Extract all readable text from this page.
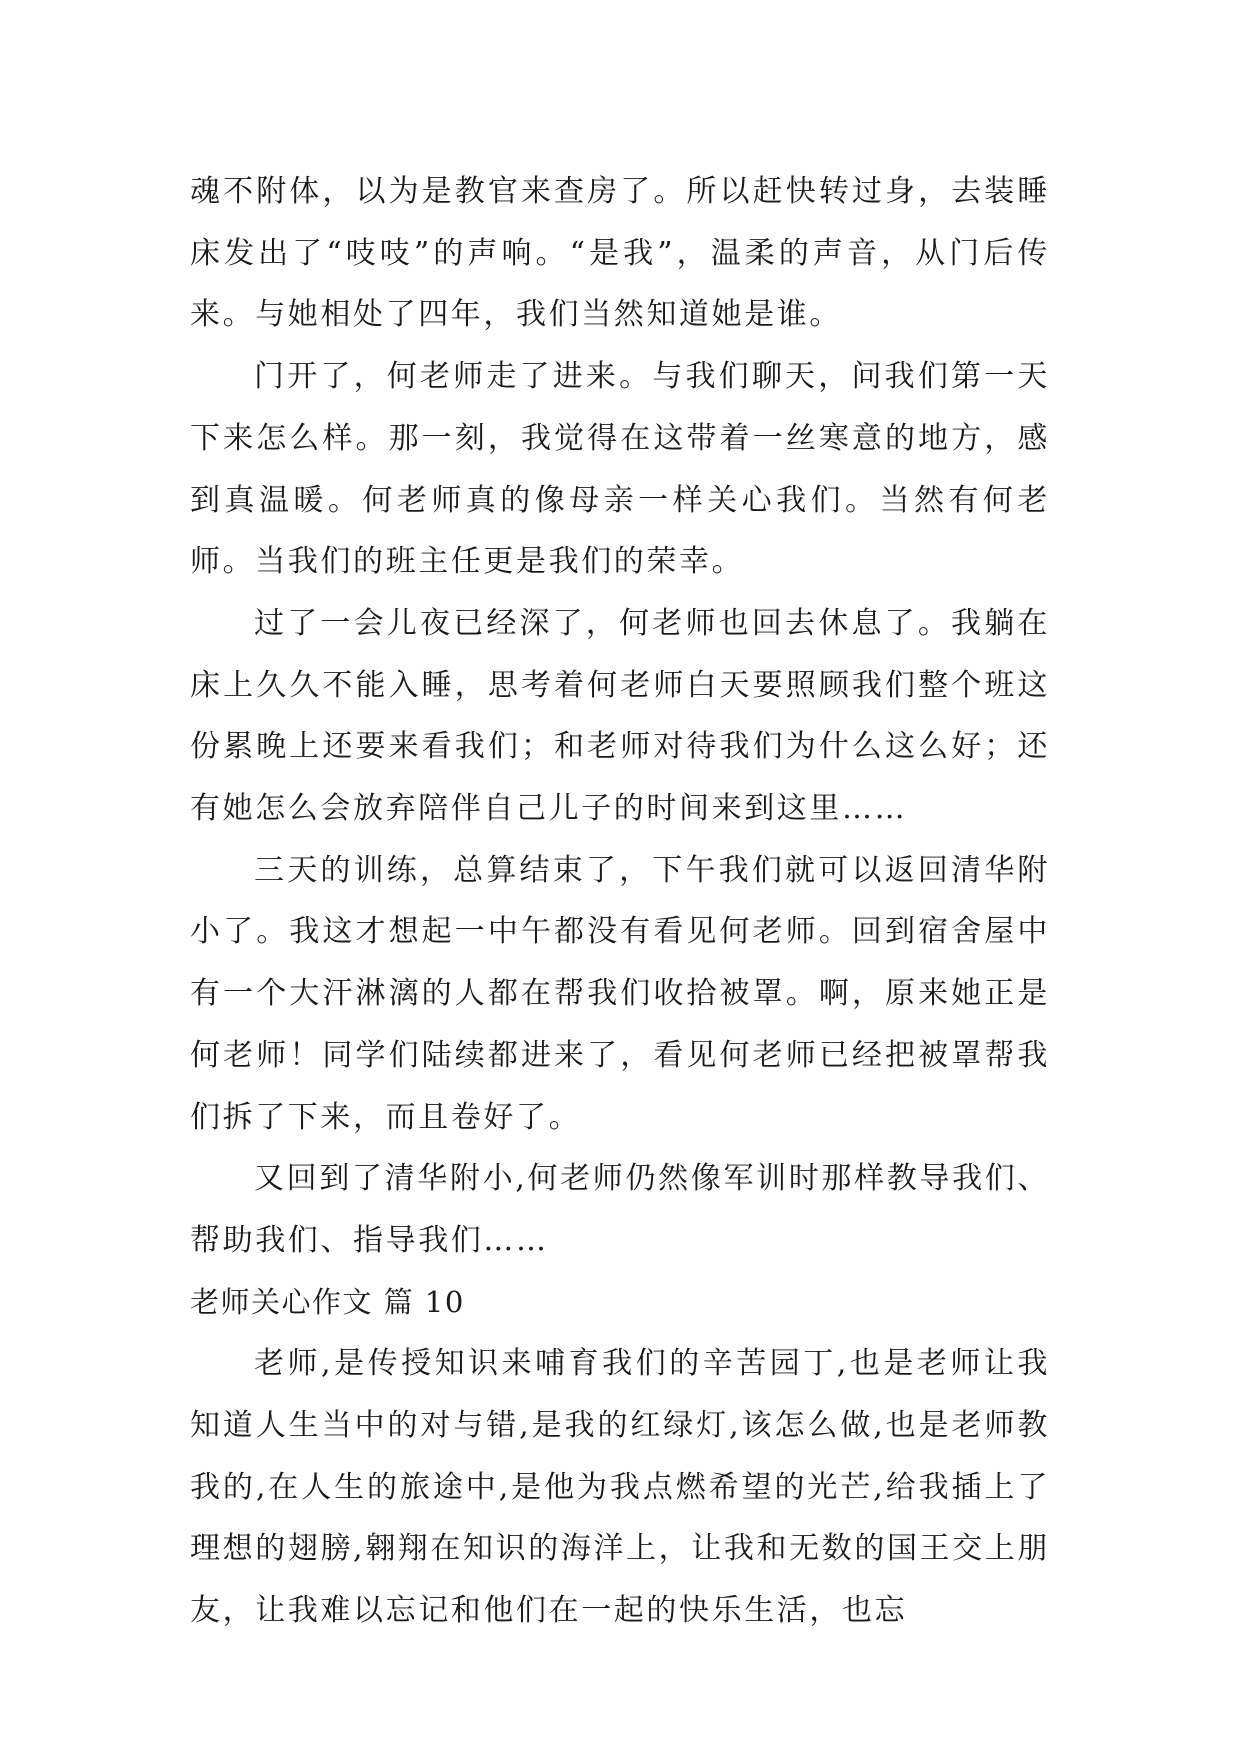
魂不附体，以为是教官来查房了。所以赶快转过身，去装睡床发出了“吱吱”的声响。“是我”，温柔的声音，从门后传来。与她相处了四年，我们当然知道她是谁。

门开了，何老师走了进来。与我们聊天，问我们第一天下来怎么样。那一刻，我觉得在这带着一丝寒意的地方，感到真温暖。何老师真的像母亲一样关心我们。当然有何老师。当我们的班主任更是我们的荣幸。

过了一会儿夜已经深了，何老师也回去休息了。我躺在床上久久不能入睡，思考着何老师白天要照顾我们整个班这份累晚上还要来看我们；和老师对待我们为什么这么好；还有她怎么会放弃陪伴自己儿子的时间来到这里……

三天的训练，总算结束了，下午我们就可以返回清华附小了。我这才想起一中午都没有看见何老师。回到宿舍屋中有一个大汗淋漓的人都在帮我们收拾被罩。啊，原来她正是何老师！同学们陆续都进来了，看见何老师已经把被罩帮我们拆了下来，而且卷好了。

又回到了清华附小,何老师仍然像军训时那样教导我们、帮助我们、指导我们……

老师关心作文 篇 10

老师,是传授知识来哺育我们的辛苦园丁,也是老师让我知道人生当中的对与错,是我的红绿灯,该怎么做,也是老师教我的,在人生的旅途中,是他为我点燃希望的光芒,给我插上了理想的翅膀,翱翔在知识的海洋上，让我和无数的国王交上朋友，让我难以忘记和他们在一起的快乐生活，也忘
